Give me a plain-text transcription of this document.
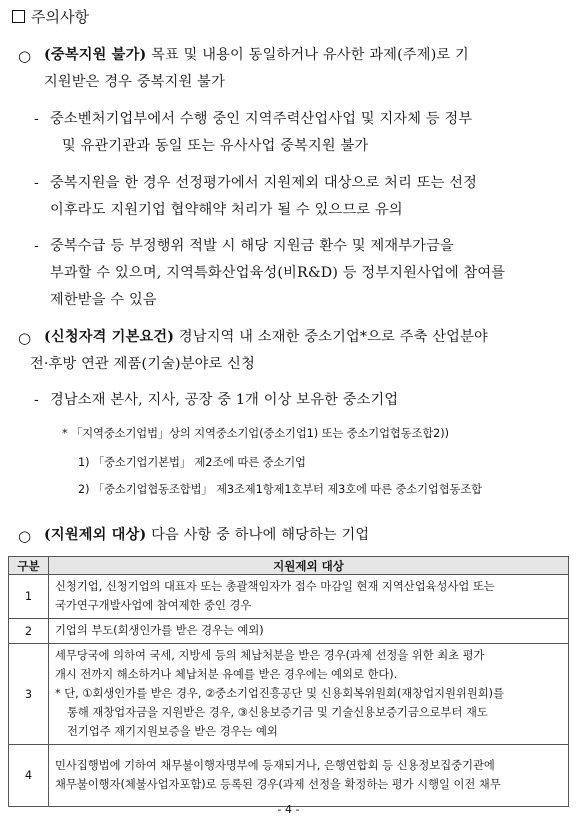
주의사항
○ (중복지원 불가) 목표 및 내용이 동일하거나 유사한 과제(주제)로 기
지원받은 경우 중복지원 불가
- 중소벤처기업부에서 수행 중인 지역주력산업사업 및 지자체 등 정부

및 유관기관과 동일 또는 유사사업 중복지원 불가
- 중복지원을 한 경우 선정평가에서 지원제외 대상으로 처리 또는 선정
이후라도 지원기업 협약해약 처리가 될 수 있으므로 유의
- 중복수급 등 부정행위 적발 시 해당 지원금 환수 및 제재부가금을
부과할 수 있으며, 지역특화산업육성(비R&D) 등 정부지원사업에 참여를
제한받을 수 있음
○ (신청자격 기본요건) 경남지역 내 소재한 중소기업*으로 주축 산업분야
전·후방 연관 제품(기술)분야로 신청
- 경남소재 본사, 지사, 공장 중 1개 이상 보유한 중소기업
* 「지역중소기업법」상의 지역중소기업(중소기업1) 또는 중소기업협동조합2))
1) 「중소기업기본법」 제2조에 따른 중소기업
2) 「중소기업협동조합법」 제3조제1항제1호부터 제3호에 따른 중소기업협동조합
○ (지원제외 대상) 다음 사항 중 하나에 해당하는 기업
구분	지원제외 대상
1	신청기업, 신청기업의 대표자 또는 총괄책임자가 접수 마감일 현재 지역산업육성사업 또는
국가연구개발사업에 참여제한 중인 경우
2	기업의 부도(회생인가를 받은 경우는 예외)
3	세무당국에 의하여 국세, 지방세 등의 체납처분을 받은 경우(과제 선정을 위한 최초 평가
개시 전까지 해소하거나 체납처분 유예를 받은 경우에는 예외로 한다).
* 단, ①회생인가를 받은 경우, ②중소기업진흥공단 및 신용회복위원회(재창업지원위원회)를

통해 재창업자금을 지원받은 경우, ③신용보증기금 및 기술신용보증기금으로부터 재도
전기업주 재기지원보증을 받은 경우는 예외

4	민사집행법에 기하여 채무불이행자명부에 등재되거나, 은행연합회 등 신용정보집중기관에
채무불이행자(체불사업자포함)로 등록된 경우(과제 선정을 확정하는 평가 시행일 이전 채무
- 4 -
